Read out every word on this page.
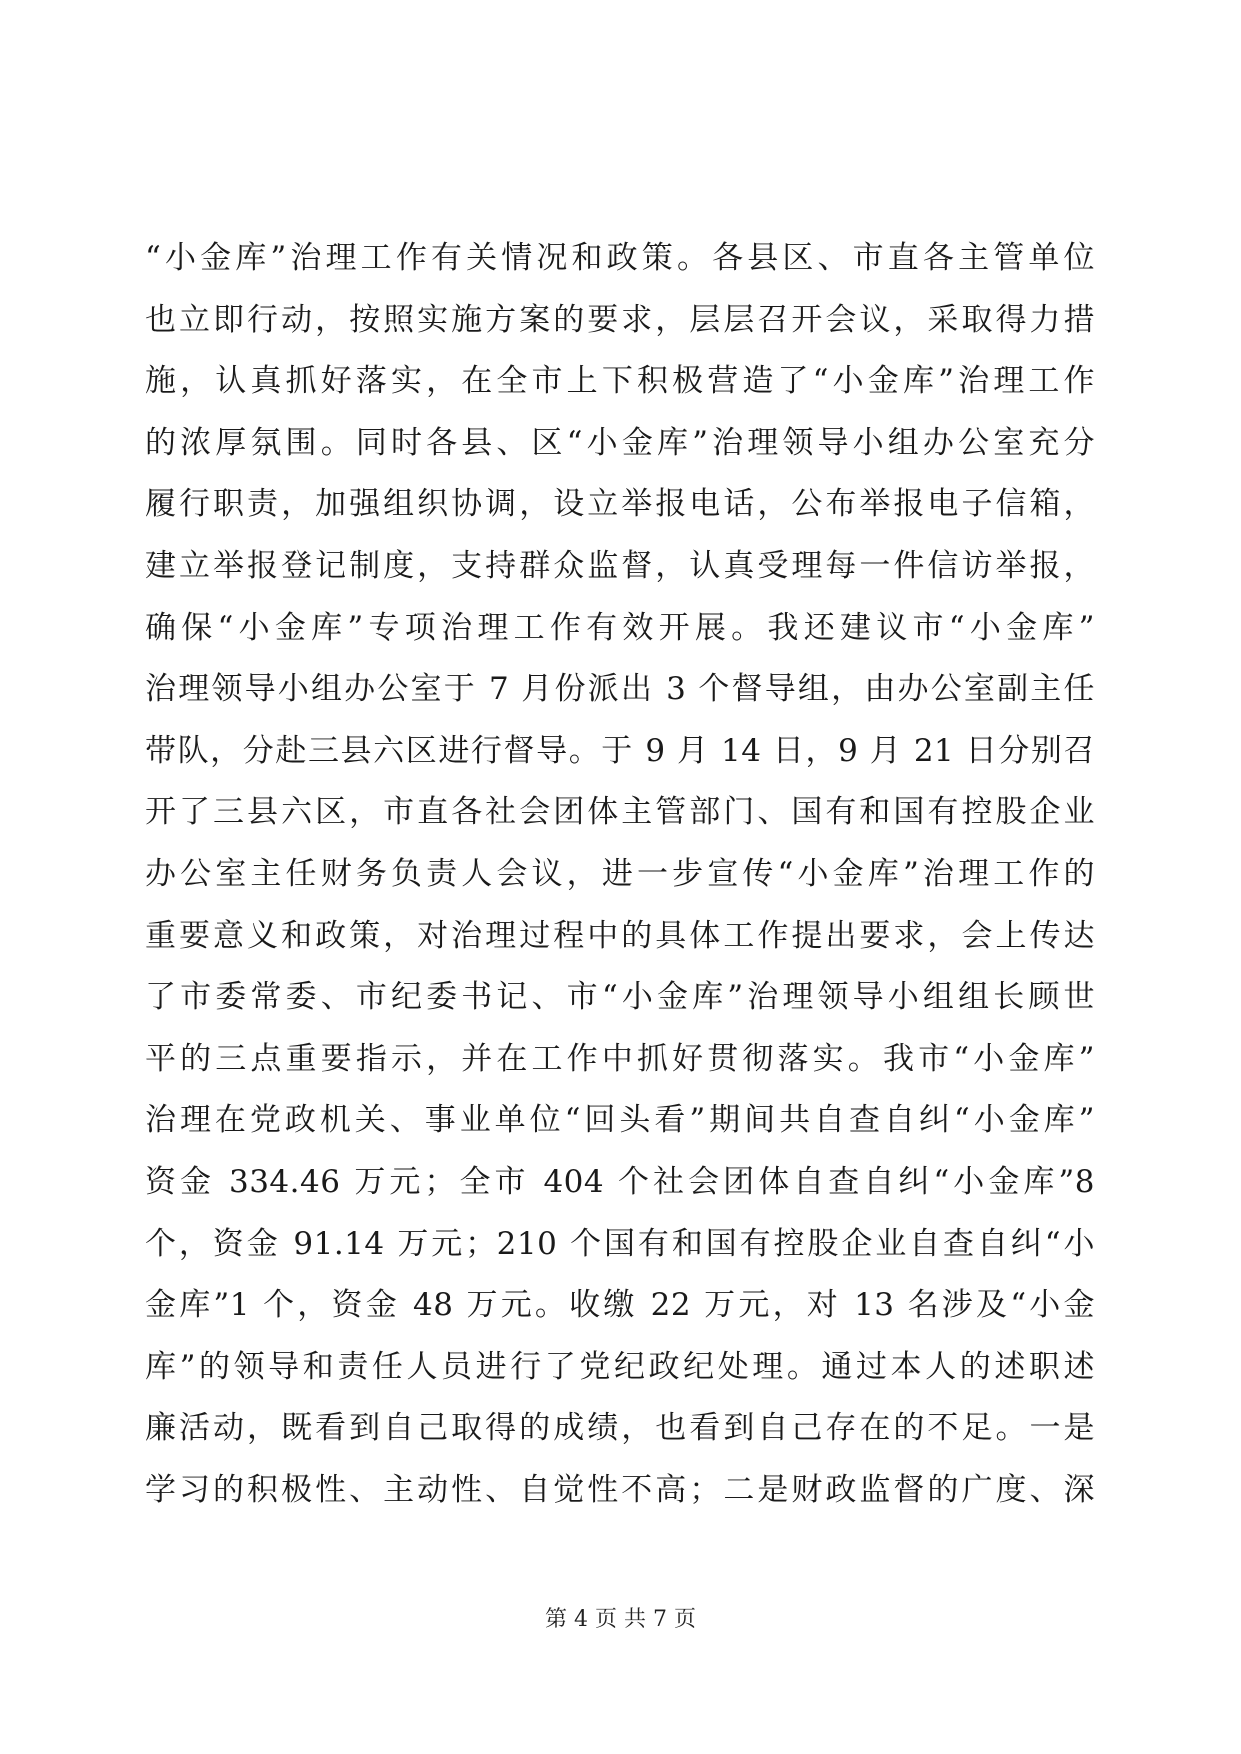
“小金库”治理工作有关情况和政策。各县区、市直各主管单位
也立即行动，按照实施方案的要求，层层召开会议，采取得力措
施，认真抓好落实，在全市上下积极营造了“小金库”治理工作
的浓厚氛围。同时各县、区“小金库”治理领导小组办公室充分
履行职责，加强组织协调，设立举报电话，公布举报电子信箱，
建立举报登记制度，支持群众监督，认真受理每一件信访举报，
确保“小金库”专项治理工作有效开展。我还建议市“小金库”
治理领导小组办公室于 7 月份派出 3 个督导组，由办公室副主任
带队，分赴三县六区进行督导。于 9 月 14 日，9 月 21 日分别召
开了三县六区，市直各社会团体主管部门、国有和国有控股企业
办公室主任财务负责人会议，进一步宣传“小金库”治理工作的
重要意义和政策，对治理过程中的具体工作提出要求，会上传达
了市委常委、市纪委书记、市“小金库”治理领导小组组长顾世
平的三点重要指示，并在工作中抓好贯彻落实。我市“小金库”
治理在党政机关、事业单位“回头看”期间共自查自纠“小金库”
资金 334.46 万元；全市 404 个社会团体自查自纠“小金库”8
个，资金 91.14 万元；210 个国有和国有控股企业自查自纠“小
金库”1 个，资金 48 万元。收缴 22 万元，对 13 名涉及“小金
库”的领导和责任人员进行了党纪政纪处理。通过本人的述职述
廉活动，既看到自己取得的成绩，也看到自己存在的不足。一是
学习的积极性、主动性、自觉性不高；二是财政监督的广度、深
第 4 页 共 7 页
